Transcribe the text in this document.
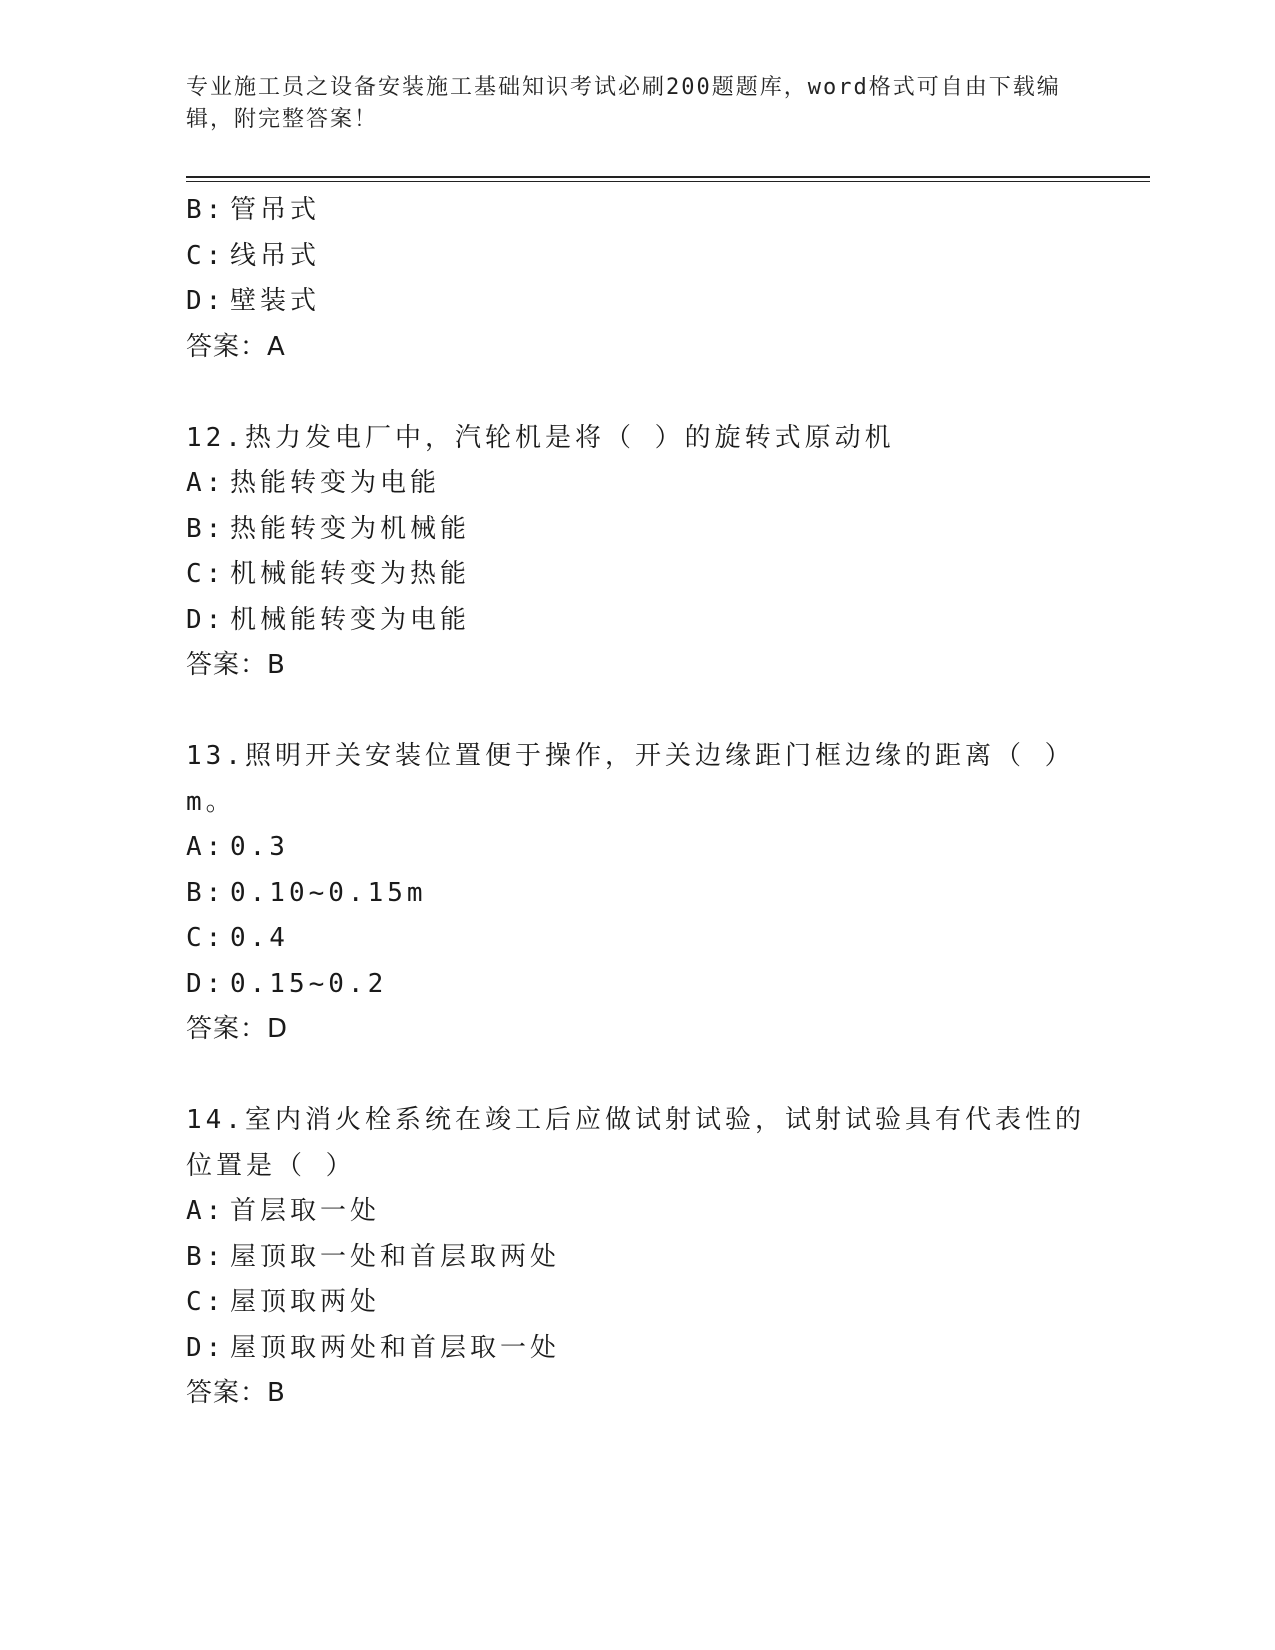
专业施工员之设备安装施工基础知识考试必刷200题题库，word格式可自由下载编辑，附完整答案！
B: 管吊式
C: 线吊式
D: 壁装式
答案：A
12.热力发电厂中，汽轮机是将（ ）的旋转式原动机
A: 热能转变为电能
B: 热能转变为机械能
C: 机械能转变为热能
D: 机械能转变为电能
答案：B
13.照明开关安装位置便于操作，开关边缘距门框边缘的距离（ ）m。
A: 0.3
B: 0.10~0.15m
C: 0.4
D: 0.15~0.2
答案：D
14.室内消火栓系统在竣工后应做试射试验，试射试验具有代表性的位置是（ ）
A: 首层取一处
B: 屋顶取一处和首层取两处
C: 屋顶取两处
D: 屋顶取两处和首层取一处
答案：B
